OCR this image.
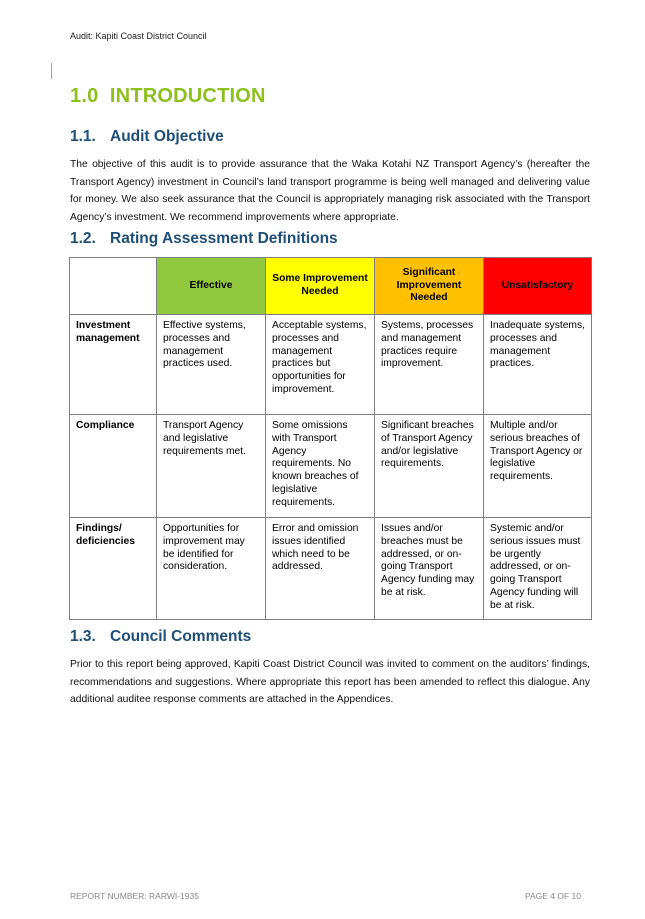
Audit: Kapiti Coast District Council
1.0 INTRODUCTION
1.1. Audit Objective
The objective of this audit is to provide assurance that the Waka Kotahi NZ Transport Agency’s (hereafter the Transport Agency) investment in Council’s land transport programme is being well managed and delivering value for money. We also seek assurance that the Council is appropriately managing risk associated with the Transport Agency’s investment. We recommend improvements where appropriate.
1.2. Rating Assessment Definitions
	Effective	Some Improvement Needed	Significant Improvement Needed	Unsatisfactory
Investment management	Effective systems, processes and management practices used.	Acceptable systems, processes and management practices but opportunities for improvement.	Systems, processes and management practices require improvement.	Inadequate systems, processes and management practices.
Compliance	Transport Agency and legislative requirements met.	Some omissions with Transport Agency requirements. No known breaches of legislative requirements.	Significant breaches of Transport Agency and/or legislative requirements.	Multiple and/or serious breaches of Transport Agency or legislative requirements.
Findings/ deficiencies	Opportunities for improvement may be identified for consideration.	Error and omission issues identified which need to be addressed.	Issues and/or breaches must be addressed, or on-going Transport Agency funding may be at risk.	Systemic and/or serious issues must be urgently addressed, or on-going Transport Agency funding will be at risk.
1.3. Council Comments
Prior to this report being approved, Kapiti Coast District Council was invited to comment on the auditors’ findings, recommendations and suggestions. Where appropriate this report has been amended to reflect this dialogue. Any additional auditee response comments are attached in the Appendices.
REPORT NUMBER: RARWI-1935	PAGE 4 OF 10
